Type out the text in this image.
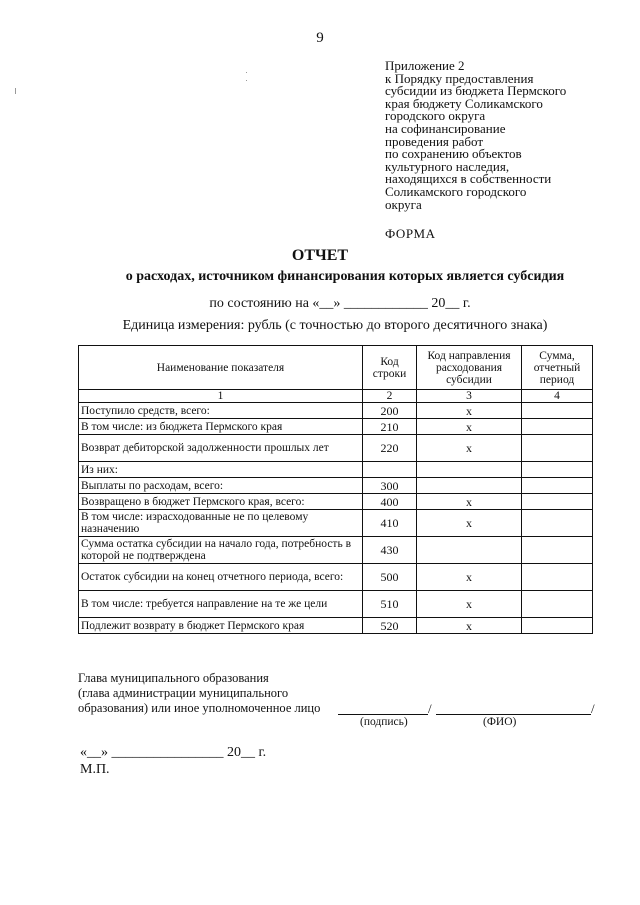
9
Приложение 2
к Порядку предоставления
субсидии из бюджета Пермского
края бюджету Соликамского
городского округа
на софинансирование
проведения работ
по сохранению объектов
культурного наследия,
находящихся в собственности
Соликамского городского
округа
ФОРМА
ОТЧЕТ
о расходах, источником финансирования которых является субсидия
по состоянию на «__» ____________ 20__ г.
Единица измерения: рубль (с точностью до второго десятичного знака)
Наименование показателя	Код строки	Код направления расходования субсидии	Сумма, отчетный период
1	2	3	4
Поступило средств, всего:	200	x	
В том числе: из бюджета Пермского края	210	x	
Возврат дебиторской задолженности прошлых лет	220	x	
Из них:			
Выплаты по расходам, всего:	300		
Возвращено в бюджет Пермского края, всего:	400	x	
В том числе: израсходованные не по целевому назначению	410	x	
Сумма остатка субсидии на начало года, потребность в которой не подтверждена	430		
Остаток субсидии на конец отчетного периода, всего:	500	x	
В том числе: требуется направление на те же цели	510	x	
Подлежит возврату в бюджет Пермского края	520	x	
Глава муниципального образования
(глава администрации муниципального
образования) или иное уполномоченное лицо	/	/
(подпись)	(ФИО)
«__» ________________ 20__ г.
М.П.
